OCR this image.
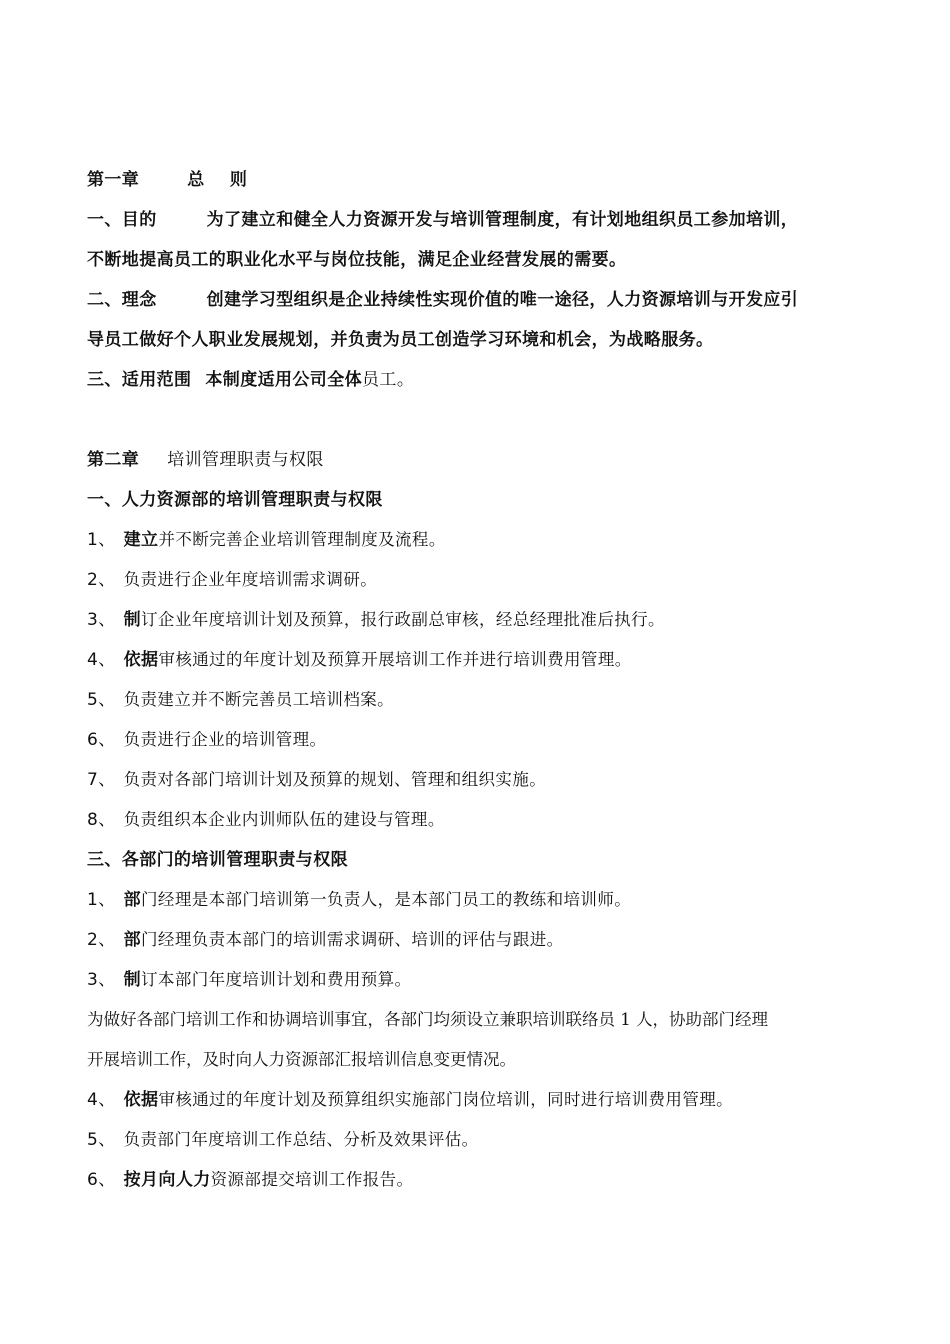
第一章	总    则
一、目的	为了建立和健全人力资源开发与培训管理制度，有计划地组织员工参加培训，
不断地提高员工的职业化水平与岗位技能，满足企业经营发展的需要。
二、理念	创建学习型组织是企业持续性实现价值的唯一途径，人力资源培训与开发应引
导员工做好个人职业发展规划，并负责为员工创造学习环境和机会，为战略服务。
三、适用范围 本制度适用公司全体员工。
第二章 培训管理职责与权限
一、人力资源部的培训管理职责与权限
1、 建立并不断完善企业培训管理制度及流程。
2、 负责进行企业年度培训需求调研。
3、 制订企业年度培训计划及预算，报行政副总审核，经总经理批准后执行。
4、 依据审核通过的年度计划及预算开展培训工作并进行培训费用管理。
5、 负责建立并不断完善员工培训档案。
6、 负责进行企业的培训管理。
7、 负责对各部门培训计划及预算的规划、管理和组织实施。
8、 负责组织本企业内训师队伍的建设与管理。
三、各部门的培训管理职责与权限
1、 部门经理是本部门培训第一负责人，是本部门员工的教练和培训师。
2、 部门经理负责本部门的培训需求调研、培训的评估与跟进。
3、 制订本部门年度培训计划和费用预算。
为做好各部门培训工作和协调培训事宜，各部门均须设立兼职培训联络员 1 人，协助部门经理
开展培训工作，及时向人力资源部汇报培训信息变更情况。
4、 依据审核通过的年度计划及预算组织实施部门岗位培训，同时进行培训费用管理。
5、 负责部门年度培训工作总结、分析及效果评估。
6、 按月向人力资源部提交培训工作报告。
